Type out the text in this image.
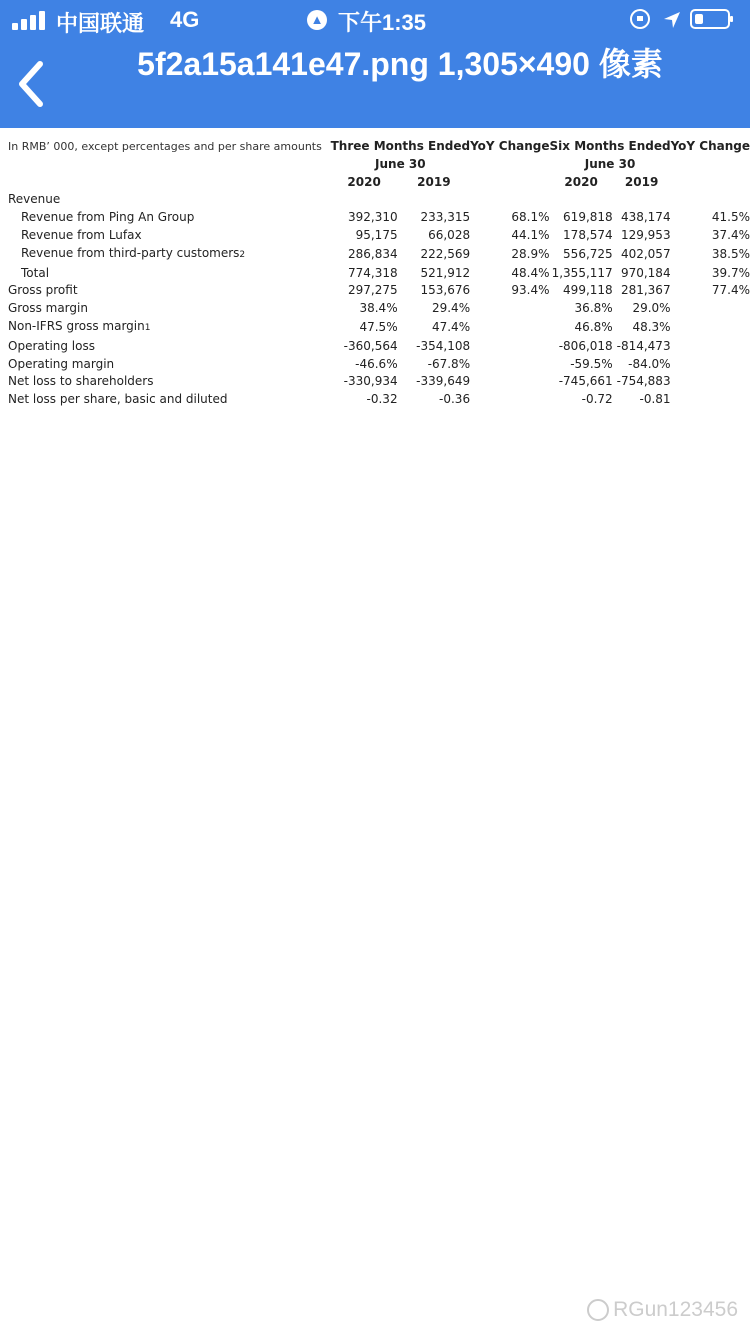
中国联通 4G	▲ 下午1:35
5f2a15a141e47.png 1,305×490 像素
In RMB’ 000, except percentages and per share amounts	Three Months Ended		YoY Change	Six Months Ended		YoY Change
	June 30			June 30		
	2020	2019		2020	2019	
Revenue						
Revenue from Ping An Group	392,310	233,315	68.1%	619,818	438,174	41.5%
Revenue from Lufax	95,175	66,028	44.1%	178,574	129,953	37.4%
Revenue from third-party customers2	286,834	222,569	28.9%	556,725	402,057	38.5%
Total	774,318	521,912	48.4%	1,355,117	970,184	39.7%
Gross profit	297,275	153,676	93.4%	499,118	281,367	77.4%
Gross margin	38.4%	29.4%		36.8%	29.0%	
Non-IFRS gross margin1	47.5%	47.4%		46.8%	48.3%	
Operating loss	-360,564	-354,108		-806,018	-814,473	
Operating margin	-46.6%	-67.8%		-59.5%	-84.0%	
Net loss to shareholders	-330,934	-339,649		-745,661	-754,883	
Net loss per share, basic and diluted	-0.32	-0.36		-0.72	-0.81	
RGun123456
